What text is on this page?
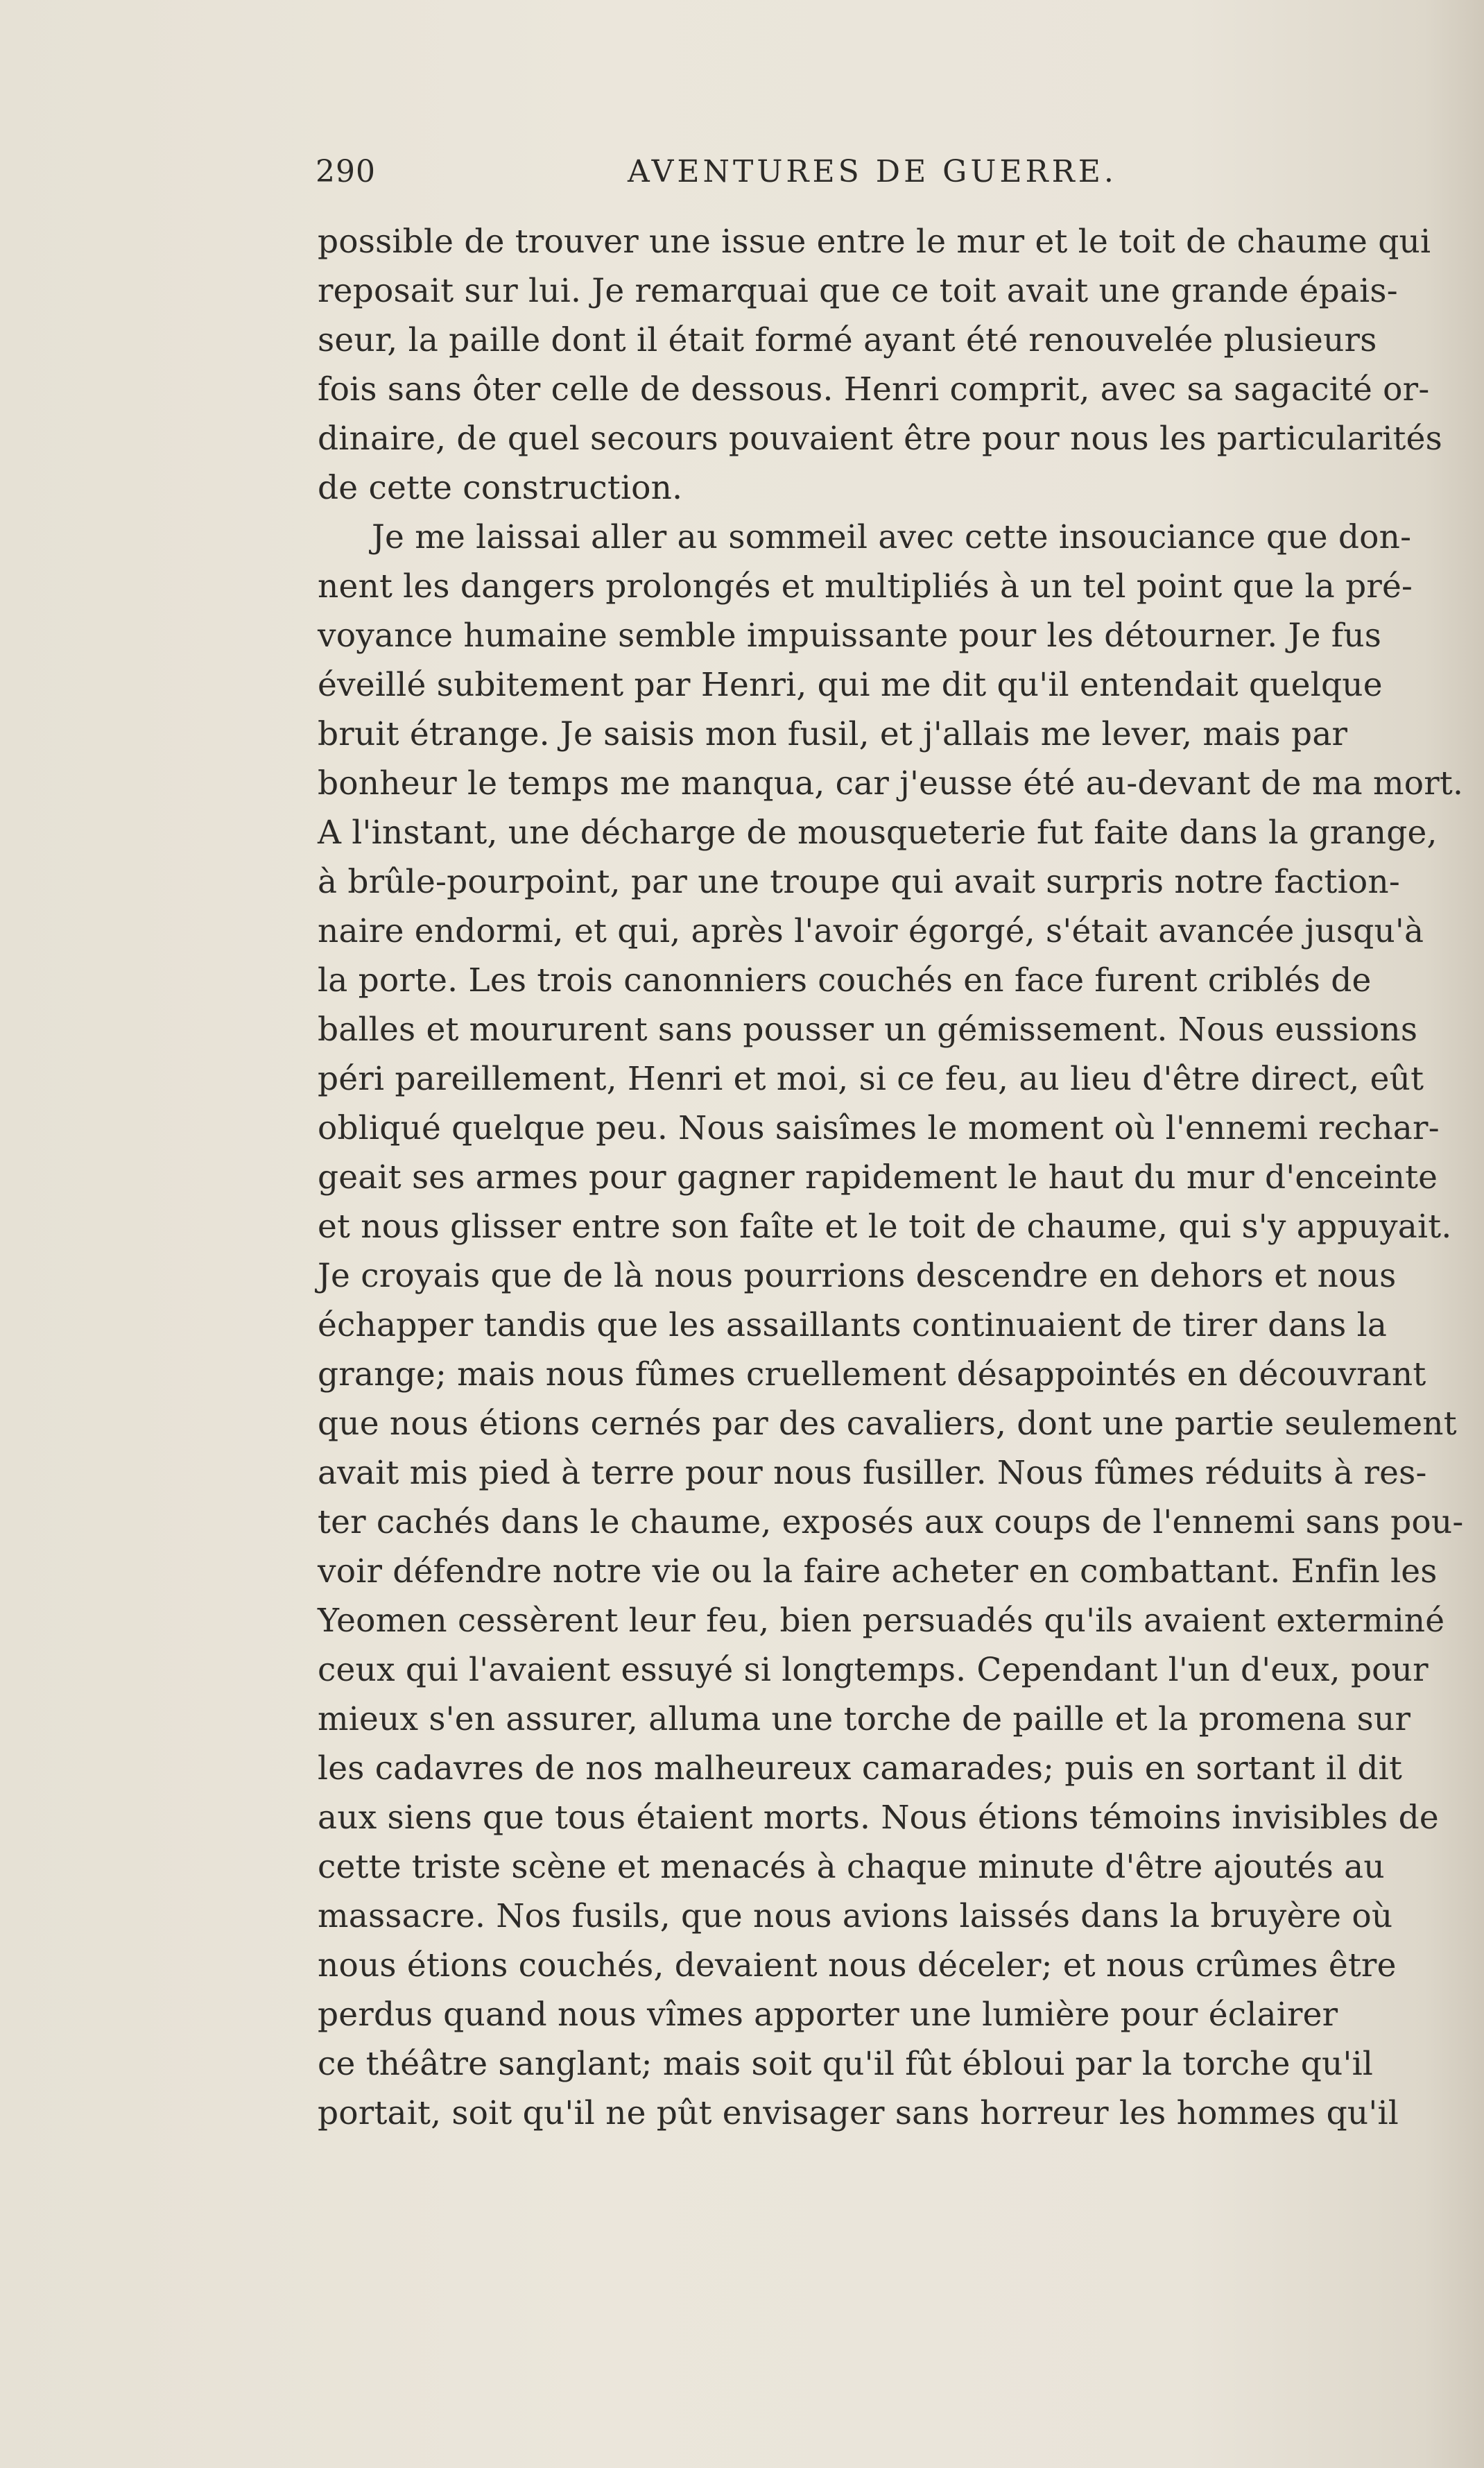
290	AVENTURES DE GUERRE.
possible de trouver une issue entre le mur et le toit de chaume qui
reposait sur lui. Je remarquai que ce toit avait une grande épais-
seur, la paille dont il était formé ayant été renouvelée plusieurs
fois sans ôter celle de dessous. Henri comprit, avec sa sagacité or-
dinaire, de quel secours pouvaient être pour nous les particularités
de cette construction.
Je me laissai aller au sommeil avec cette insouciance que don-
nent les dangers prolongés et multipliés à un tel point que la pré-
voyance humaine semble impuissante pour les détourner. Je fus
éveillé subitement par Henri, qui me dit qu'il entendait quelque
bruit étrange. Je saisis mon fusil, et j'allais me lever, mais par
bonheur le temps me manqua, car j'eusse été au-devant de ma mort.
A l'instant, une décharge de mousqueterie fut faite dans la grange,
à brûle-pourpoint, par une troupe qui avait surpris notre faction-
naire endormi, et qui, après l'avoir égorgé, s'était avancée jusqu'à
la porte. Les trois canonniers couchés en face furent criblés de
balles et moururent sans pousser un gémissement. Nous eussions
péri pareillement, Henri et moi, si ce feu, au lieu d'être direct, eût
obliqué quelque peu. Nous saisîmes le moment où l'ennemi rechar-
geait ses armes pour gagner rapidement le haut du mur d'enceinte
et nous glisser entre son faîte et le toit de chaume, qui s'y appuyait.
Je croyais que de là nous pourrions descendre en dehors et nous
échapper tandis que les assaillants continuaient de tirer dans la
grange; mais nous fûmes cruellement désappointés en découvrant
que nous étions cernés par des cavaliers, dont une partie seulement
avait mis pied à terre pour nous fusiller. Nous fûmes réduits à res-
ter cachés dans le chaume, exposés aux coups de l'ennemi sans pou-
voir défendre notre vie ou la faire acheter en combattant. Enfin les
Yeomen cessèrent leur feu, bien persuadés qu'ils avaient exterminé
ceux qui l'avaient essuyé si longtemps. Cependant l'un d'eux, pour
mieux s'en assurer, alluma une torche de paille et la promena sur
les cadavres de nos malheureux camarades; puis en sortant il dit
aux siens que tous étaient morts. Nous étions témoins invisibles de
cette triste scène et menacés à chaque minute d'être ajoutés au
massacre. Nos fusils, que nous avions laissés dans la bruyère où
nous étions couchés, devaient nous déceler; et nous crûmes être
perdus quand nous vîmes apporter une lumière pour éclairer
ce théâtre sanglant; mais soit qu'il fût ébloui par la torche qu'il
portait, soit qu'il ne pût envisager sans horreur les hommes qu'il
